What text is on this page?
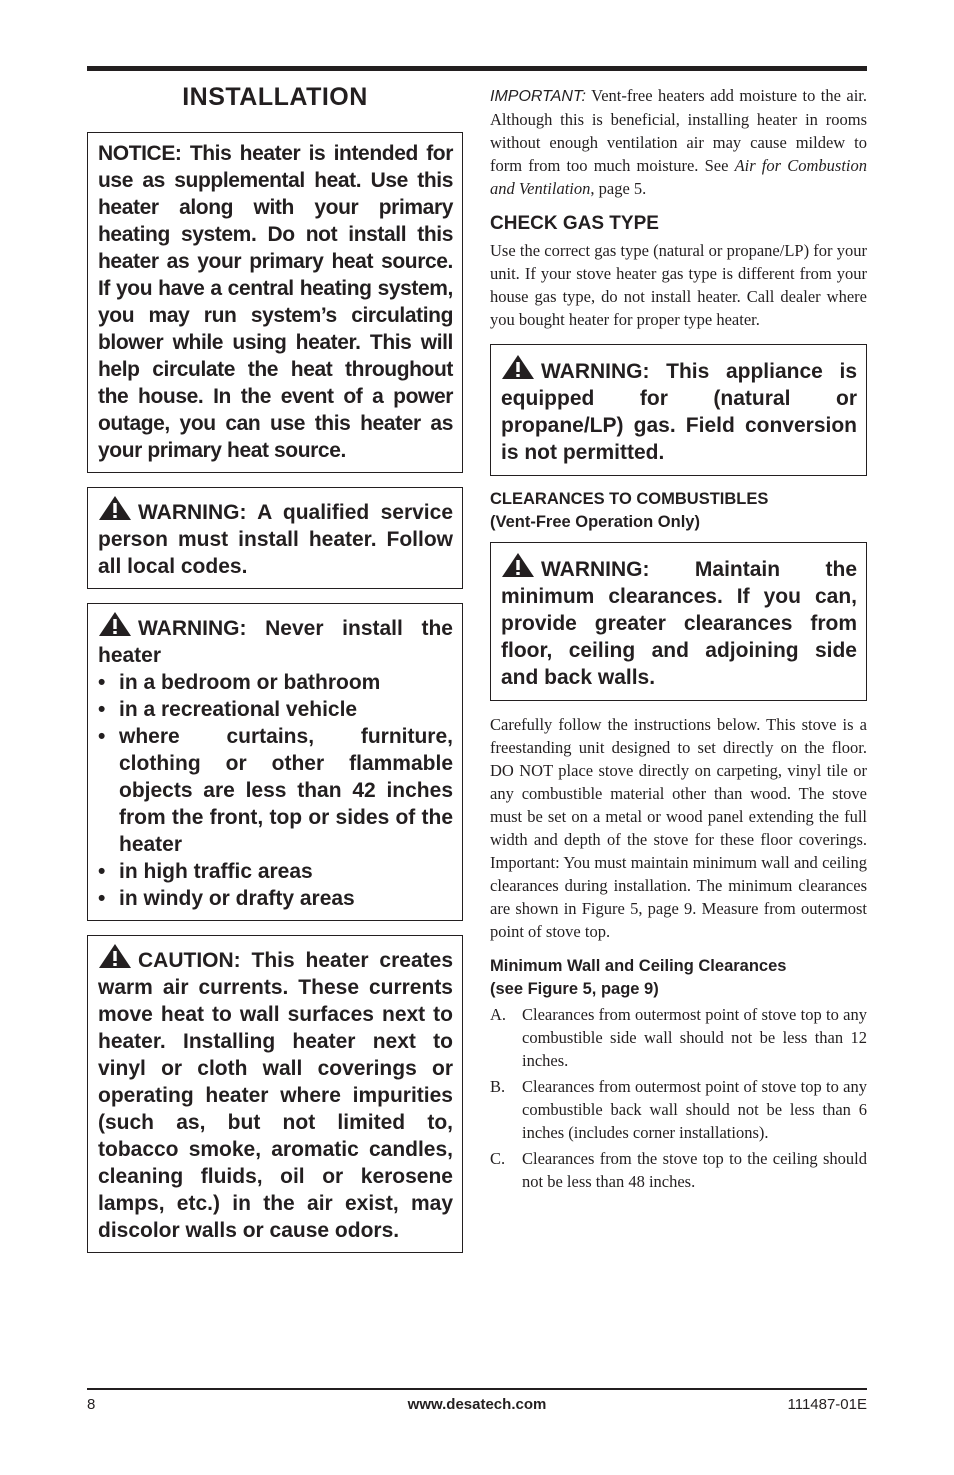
INSTALLATION
NOTICE: This heater is intended for use as supplemental heat. Use this heater along with your primary heating system. Do not install this heater as your primary heat source. If you have a central heating system, you may run system’s circulating blower while using heater. This will help circulate the heat throughout the house. In the event of a power outage, you can use this heater as your primary heat source.
WARNING: A qualified service person must install heater. Follow all local codes.
WARNING: Never install the heater
• in a bedroom or bathroom
• in a recreational vehicle
• where curtains, furniture, clothing or other flammable objects are less than 42 inches from the front, top or sides of the heater
• in high traffic areas
• in windy or drafty areas
CAUTION: This heater creates warm air currents. These currents move heat to wall surfaces next to heater. Installing heater next to vinyl or cloth wall coverings or operating heater where impurities (such as, but not limited to, tobacco smoke, aromatic candles, cleaning fluids, oil or kerosene lamps, etc.) in the air exist, may discolor walls or cause odors.

IMPORTANT: Vent-free heaters add moisture to the air. Although this is beneficial, installing heater in rooms without enough ventilation air may cause mildew to form from too much moisture. See Air for Combustion and Ventilation, page 5.

CHECK GAS TYPE

Use the correct gas type (natural or propane/LP) for your unit. If your stove heater gas type is different from your house gas type, do not install heater. Call dealer where you bought heater for proper type heater.

WARNING: This appliance is equipped for (natural or propane/LP) gas. Field conversion is not permitted.
CLEARANCES TO COMBUSTIBLES
(Vent-Free Operation Only)
WARNING: Maintain the minimum clearances. If you can, provide greater clearances from floor, ceiling and adjoining side and back walls.

Carefully follow the instructions below. This stove is a freestanding unit designed to set directly on the floor. DO NOT place stove directly on carpeting, vinyl tile or any combustible material other than wood. The stove must be set on a metal or wood panel extending the full width and depth of the stove for these floor coverings. Important: You must maintain minimum wall and ceiling clearances during installation. The minimum clearances are shown in Figure 5, page 9. Measure from outermost point of stove top.

Minimum Wall and Ceiling Clearances
(see Figure 5, page 9)
A. Clearances from outermost point of stove top to any combustible side wall should not be less than 12 inches.
B. Clearances from outermost point of stove top to any combustible back wall should not be less than 6 inches (includes corner installations).
C. Clearances from the stove top to the ceiling should not be less than 48 inches.
8	www.desatech.com	111487-01E
